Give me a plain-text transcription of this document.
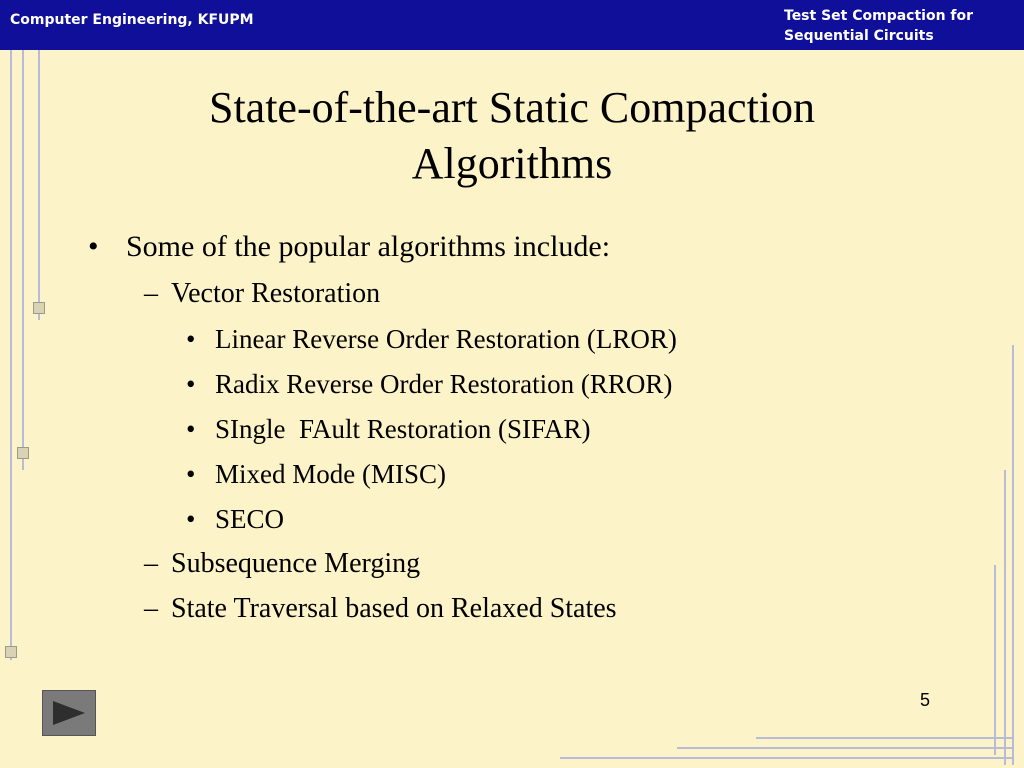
Computer Engineering, KFUPM	Test Set Compaction for
Sequential Circuits
State-of-the-art Static Compaction
Algorithms
• Some of the popular algorithms include:
– Vector Restoration
• Linear Reverse Order Restoration (LROR)
• Radix Reverse Order Restoration (RROR)
• SIngle  FAult Restoration (SIFAR)
• Mixed Mode (MISC)
• SECO
– Subsequence Merging
– State Traversal based on Relaxed States
5
